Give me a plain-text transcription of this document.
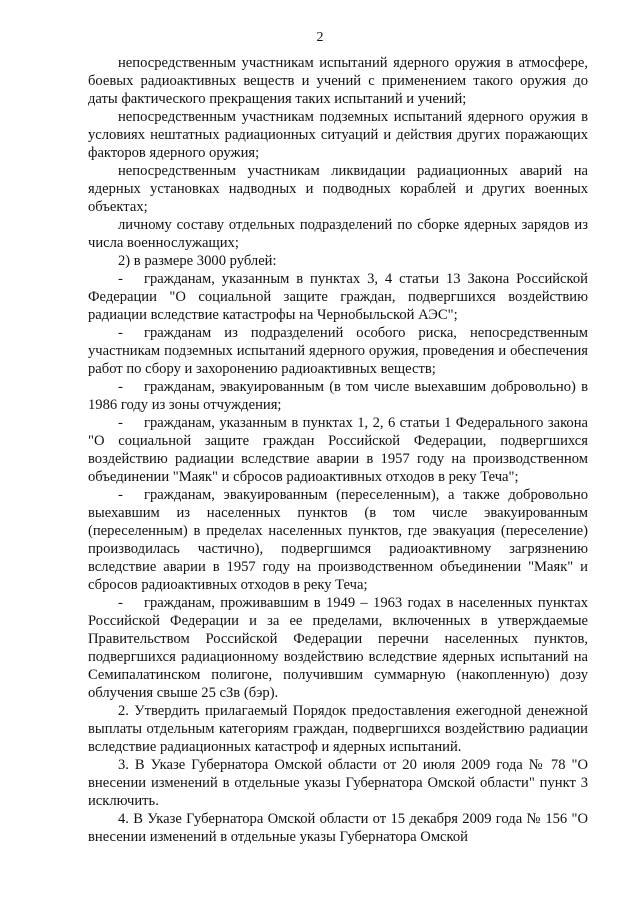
2

непосредственным участникам испытаний ядерного оружия в атмосфере, боевых радиоактивных веществ и учений с применением такого оружия до даты фактического прекращения таких испытаний и учений;

непосредственным участникам подземных испытаний ядерного оружия в условиях нештатных радиационных ситуаций и действия других поражающих факторов ядерного оружия;

непосредственным участникам ликвидации радиационных аварий на ядерных установках надводных и подводных кораблей и других военных объектах;

личному составу отдельных подразделений по сборке ядерных зарядов из числа военнослужащих;

2) в размере 3000 рублей:

- гражданам, указанным в пунктах 3, 4 статьи 13 Закона Российской Федерации "О социальной защите граждан, подвергшихся воздействию радиации вследствие катастрофы на Чернобыльской АЭС";

- гражданам из подразделений особого риска, непосредственным участникам подземных испытаний ядерного оружия, проведения и обеспечения работ по сбору и захоронению радиоактивных веществ;

- гражданам, эвакуированным (в том числе выехавшим добровольно) в 1986 году из зоны отчуждения;

- гражданам, указанным в пунктах 1, 2, 6 статьи 1 Федерального закона "О социальной защите граждан Российской Федерации, подвергшихся воздействию радиации вследствие аварии в 1957 году на производственном объединении "Маяк" и сбросов радиоактивных отходов в реку Теча";

- гражданам, эвакуированным (переселенным), а также добровольно выехавшим из населенных пунктов (в том числе эвакуированным (переселенным) в пределах населенных пунктов, где эвакуация (переселение) производилась частично), подвергшимся радиоактивному загрязнению вследствие аварии в 1957 году на производственном объединении "Маяк" и сбросов радиоактивных отходов в реку Теча;

- гражданам, проживавшим в 1949 – 1963 годах в населенных пунктах Российской Федерации и за ее пределами, включенных в утверждаемые Правительством Российской Федерации перечни населенных пунктов, подвергшихся радиационному воздействию вследствие ядерных испытаний на Семипалатинском полигоне, получившим суммарную (накопленную) дозу облучения свыше 25 сЗв (бэр).

2. Утвердить прилагаемый Порядок предоставления ежегодной денежной выплаты отдельным категориям граждан, подвергшихся воздействию радиации вследствие радиационных катастроф и ядерных испытаний.

3. В Указе Губернатора Омской области от 20 июля 2009 года № 78 "О внесении изменений в отдельные указы Губернатора Омской области" пункт 3 исключить.

4. В Указе Губернатора Омской области от 15 декабря 2009 года № 156 "О внесении изменений в отдельные указы Губернатора Омской
